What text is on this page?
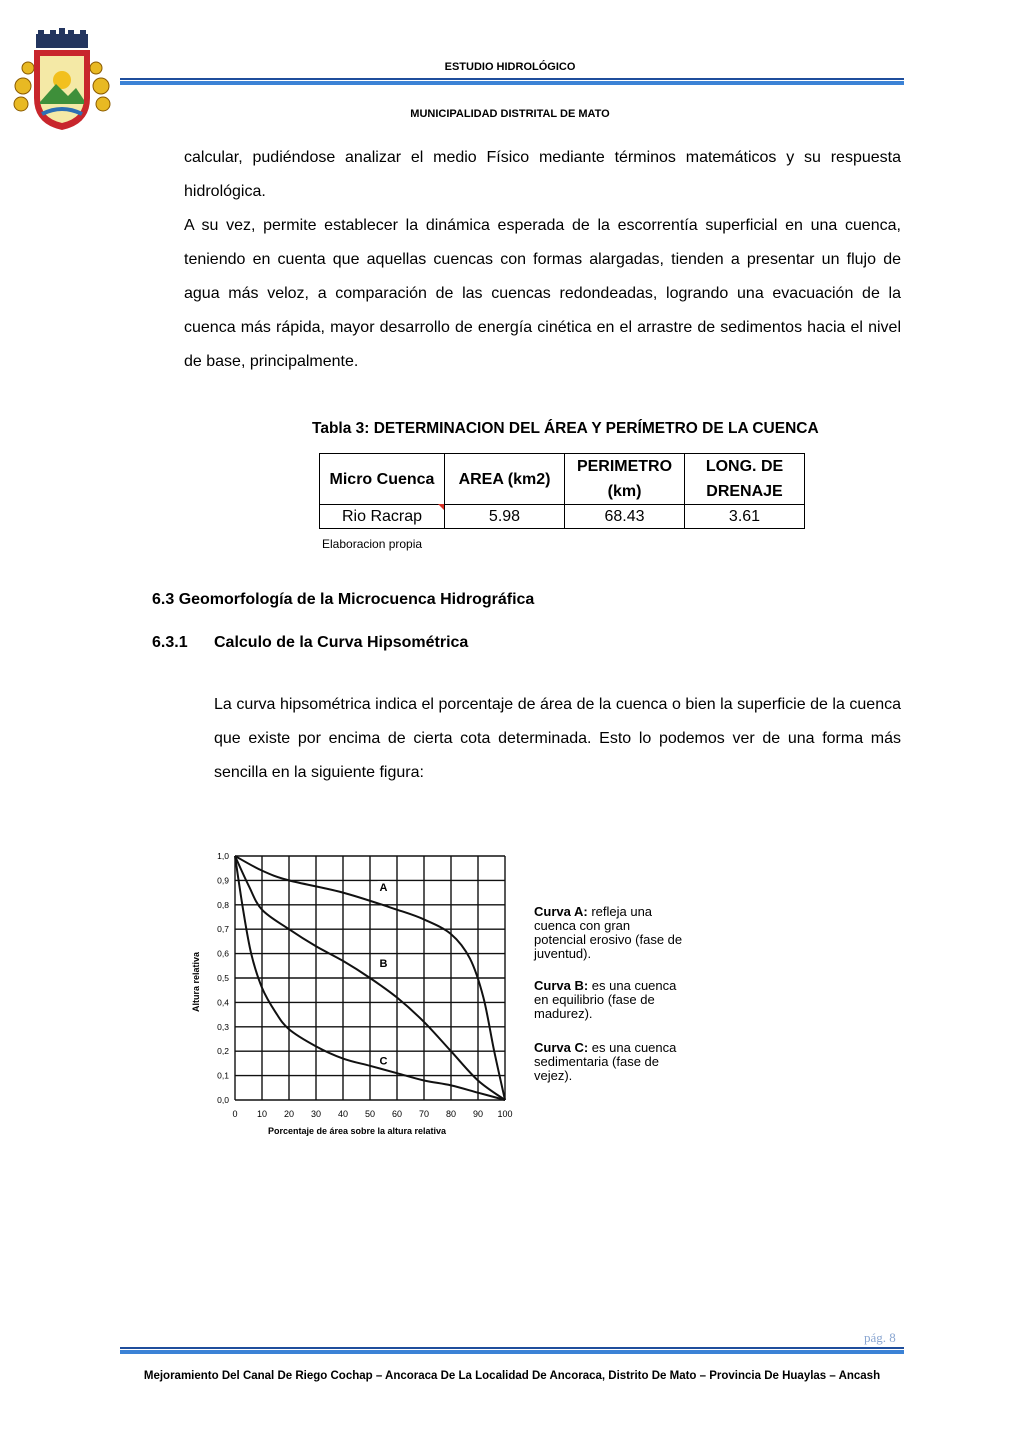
ESTUDIO HIDROLÓGICO
MUNICIPALIDAD DISTRITAL DE MATO
calcular, pudiéndose analizar el medio Físico mediante términos matemáticos y su respuesta
hidrológica.
A su vez, permite establecer la dinámica esperada de la escorrentía superficial en una cuenca, teniendo en cuenta que aquellas cuencas con formas alargadas, tienden a presentar un flujo de agua más veloz, a comparación de las cuencas redondeadas, logrando una evacuación de la cuenca más rápida, mayor desarrollo de energía cinética en el arrastre de sedimentos hacia el nivel de base, principalmente.
Tabla 3: DETERMINACION DEL ÁREA Y PERÍMETRO DE LA CUENCA
Micro Cuenca	AREA (km2)	PERIMETRO (km)	LONG. DE DRENAJE
Rio Racrap	5.98	68.43	3.61
Elaboracion propia
6.3 Geomorfología de la Microcuenca Hidrográfica
6.3.1 Calculo de la Curva Hipsométrica
La curva hipsométrica indica el porcentaje de área de la cuenca o bien la superficie de la cuenca que existe por encima de cierta cota determinada. Esto lo podemos ver de una forma más sencilla en la siguiente figura:
A
B
C
0 10 20 30 40 50 60 70 80 90 100
0,0
0,1
0,2
0,3
0,4
0,5
0,6
0,7
0,8
0,9
1,0
Altura relativa
Porcentaje de área sobre la altura relativa
Curva A: refleja una
cuenca con gran
potencial erosivo (fase de
juventud).
Curva B: es una cuenca
en equilibrio (fase de
madurez).
Curva C: es una cuenca
sedimentaria (fase de
vejez).
pág. 8
Mejoramiento Del Canal De Riego Cochap – Ancoraca De La Localidad De Ancoraca, Distrito De Mato – Provincia De Huaylas – Ancash
